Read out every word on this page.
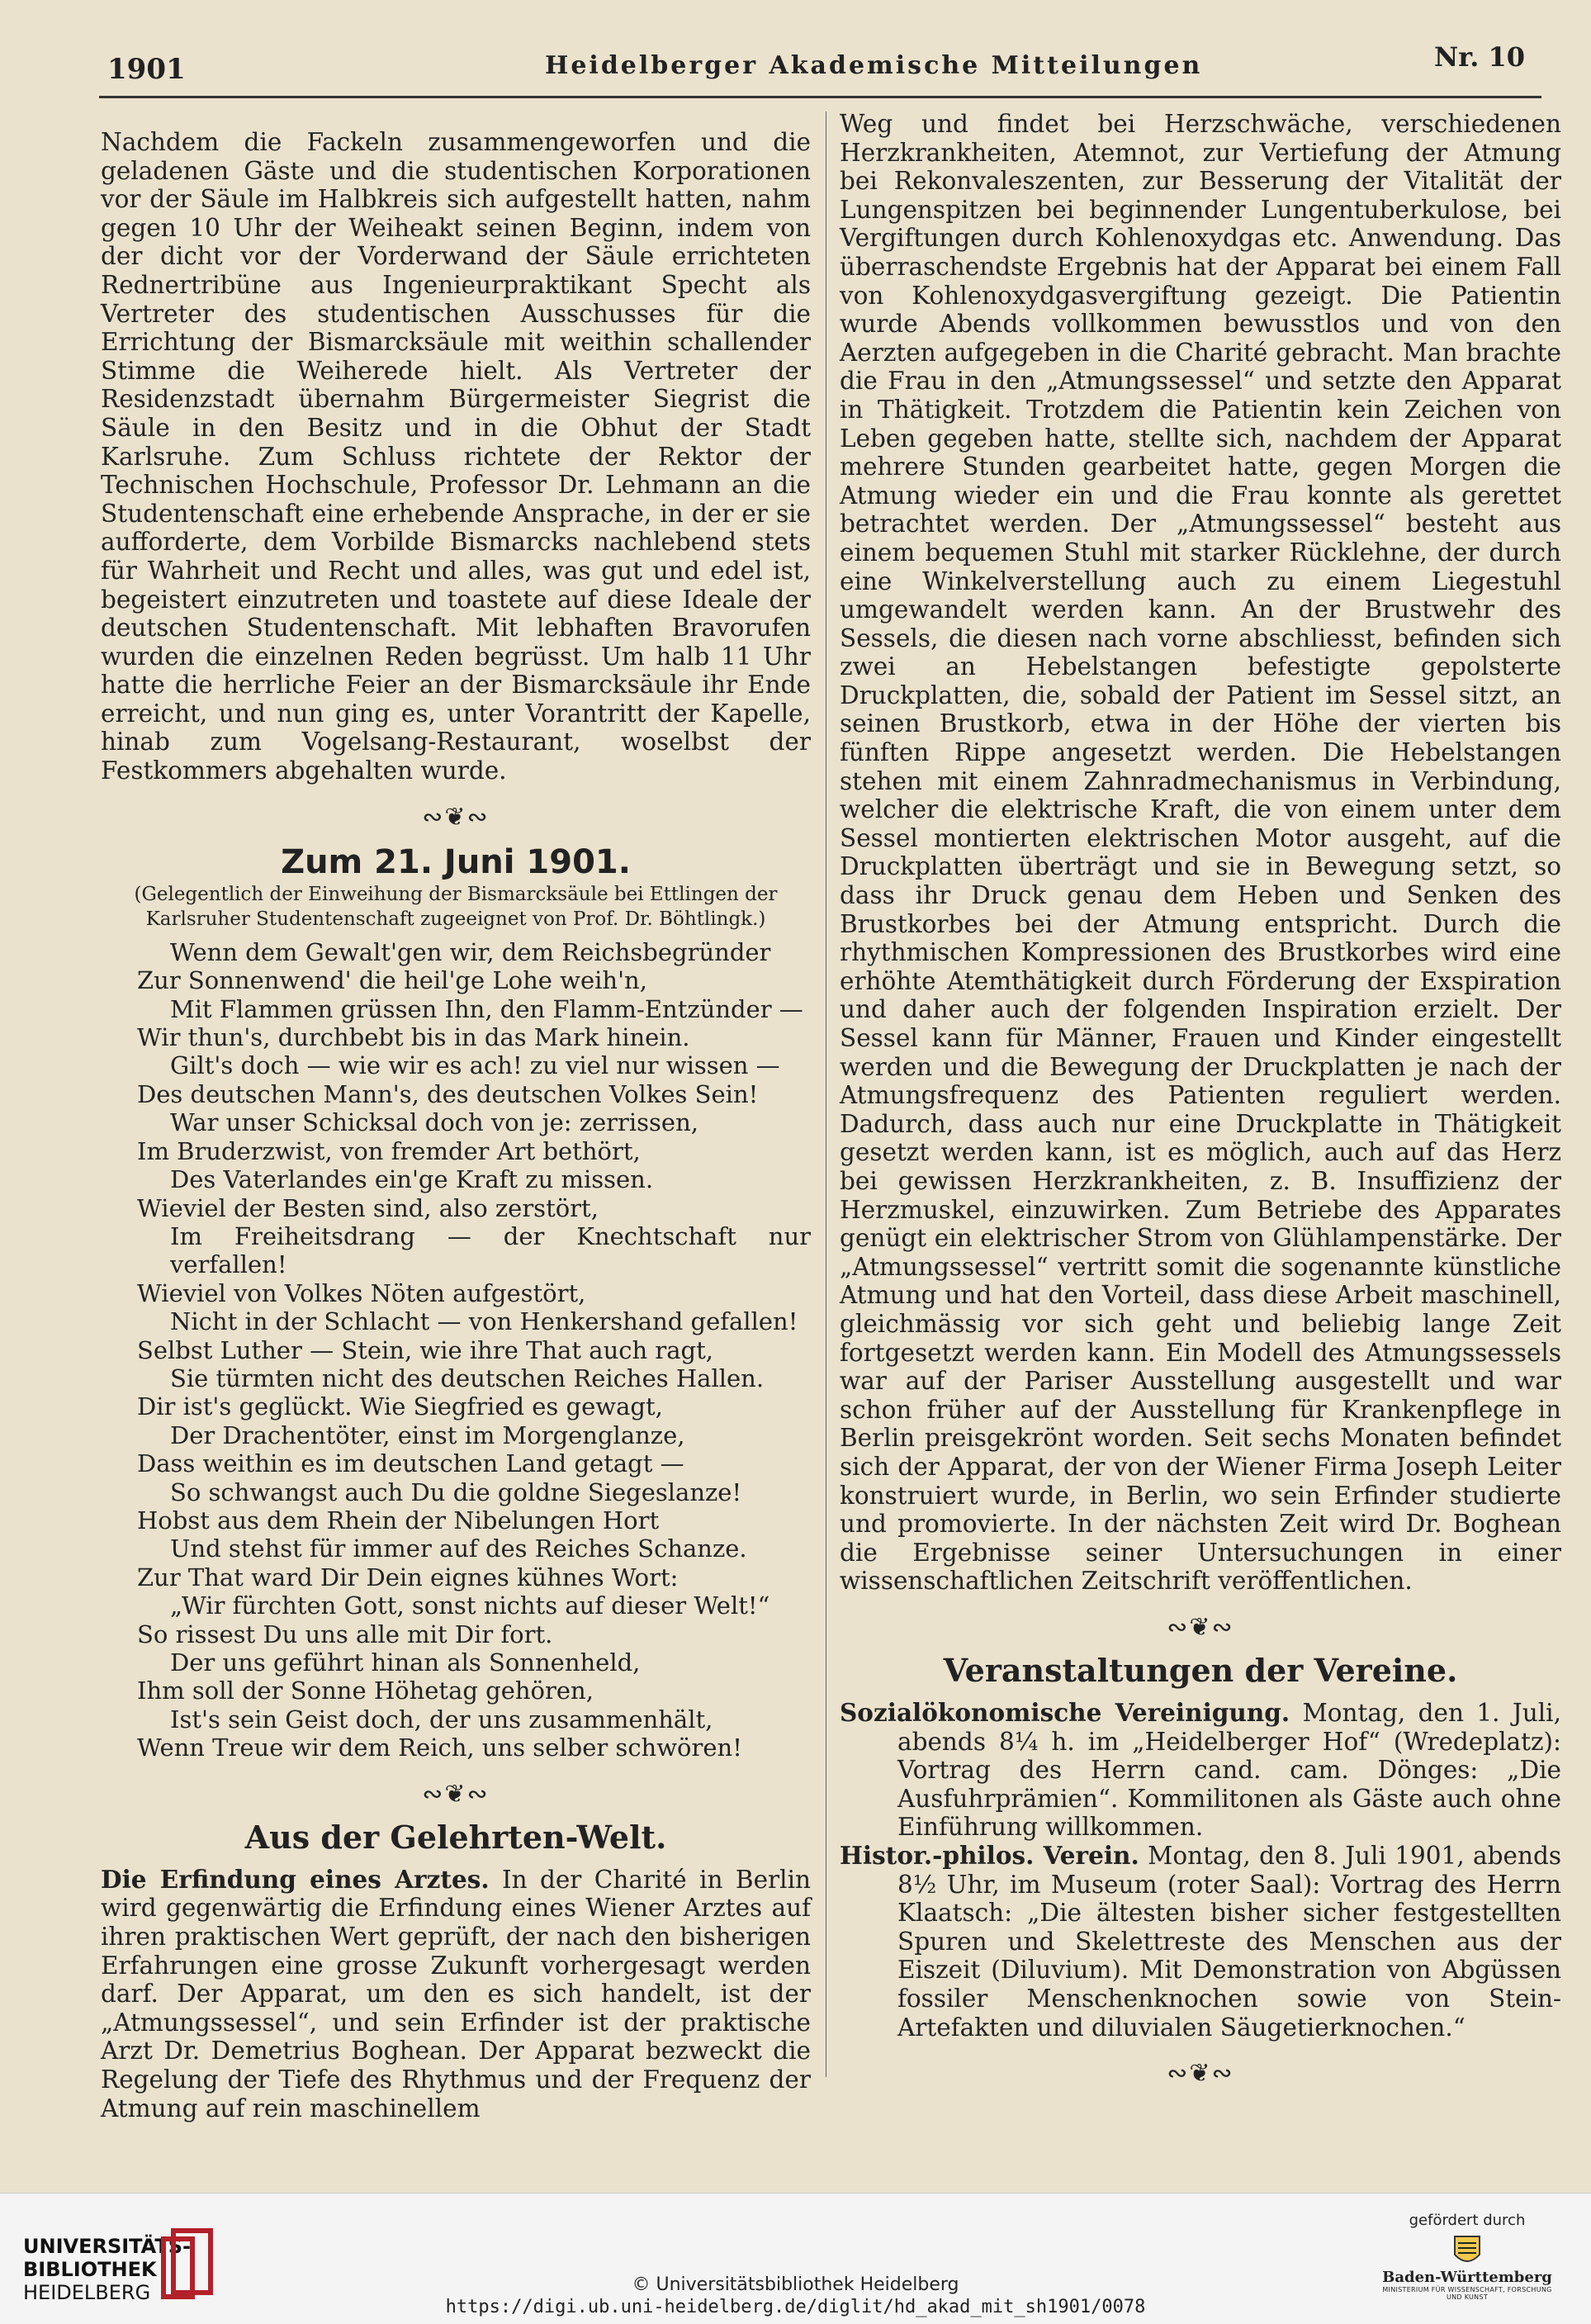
1901	Heidelberger Akademische Mitteilungen	Nr. 10

Nachdem die Fackeln zusammengeworfen und die geladenen Gäste und die studentischen Korporationen vor der Säule im Halbkreis sich aufgestellt hatten, nahm gegen 10 Uhr der Weiheakt seinen Beginn, indem von der dicht vor der Vorderwand der Säule errichteten Rednertribüne aus Ingenieurpraktikant Specht als Vertreter des studentischen Ausschusses für die Errichtung der Bismarcksäule mit weithin schallender Stimme die Weiherede hielt. Als Vertreter der Residenzstadt übernahm Bürgermeister Siegrist die Säule in den Besitz und in die Obhut der Stadt Karlsruhe. Zum Schluss richtete der Rektor der Technischen Hochschule, Professor Dr. Lehmann an die Studentenschaft eine erhebende Ansprache, in der er sie aufforderte, dem Vorbilde Bismarcks nachlebend stets für Wahrheit und Recht und alles, was gut und edel ist, begeistert einzutreten und toastete auf diese Ideale der deutschen Studentenschaft. Mit lebhaften Bravorufen wurden die einzelnen Reden begrüsst. Um halb 11 Uhr hatte die herrliche Feier an der Bismarcksäule ihr Ende erreicht, und nun ging es, unter Vorantritt der Kapelle, hinab zum Vogelsang-Restaurant, woselbst der Festkommers abgehalten wurde.

∾❦∾
Zum 21. Juni 1901.
(Gelegentlich der Einweihung der Bismarcksäule bei Ettlingen der Karlsruher Studentenschaft zugeeignet von Prof. Dr. Böhtlingk.)
Wenn dem Gewalt'gen wir, dem Reichsbegründer
Zur Sonnenwend' die heil'ge Lohe weih'n,
Mit Flammen grüssen Ihn, den Flamm-Entzünder —
Wir thun's, durchbebt bis in das Mark hinein.
Gilt's doch — wie wir es ach! zu viel nur wissen —
Des deutschen Mann's, des deutschen Volkes Sein!
War unser Schicksal doch von je: zerrissen,
Im Bruderzwist, von fremder Art bethört,
Des Vaterlandes ein'ge Kraft zu missen.
Wieviel der Besten sind, also zerstört,
Im Freiheitsdrang — der Knechtschaft nur verfallen!
Wieviel von Volkes Nöten aufgestört,
Nicht in der Schlacht — von Henkershand gefallen!
Selbst Luther — Stein, wie ihre That auch ragt,
Sie türmten nicht des deutschen Reiches Hallen.
Dir ist's geglückt. Wie Siegfried es gewagt,
Der Drachentöter, einst im Morgenglanze,
Dass weithin es im deutschen Land getagt —
So schwangst auch Du die goldne Siegeslanze!
Hobst aus dem Rhein der Nibelungen Hort
Und stehst für immer auf des Reiches Schanze.
Zur That ward Dir Dein eignes kühnes Wort:
„Wir fürchten Gott, sonst nichts auf dieser Welt!“
So rissest Du uns alle mit Dir fort.
Der uns geführt hinan als Sonnenheld,
Ihm soll der Sonne Höhetag gehören,
Ist's sein Geist doch, der uns zusammenhält,
Wenn Treue wir dem Reich, uns selber schwören!
∾❦∾
Aus der Gelehrten-Welt.

Die Erfindung eines Arztes. In der Charité in Berlin wird gegenwärtig die Erfindung eines Wiener Arztes auf ihren praktischen Wert geprüft, der nach den bisherigen Erfahrungen eine grosse Zukunft vorhergesagt werden darf. Der Apparat, um den es sich handelt, ist der „Atmungssessel“, und sein Erfinder ist der praktische Arzt Dr. Demetrius Boghean. Der Apparat bezweckt die Regelung der Tiefe des Rhythmus und der Frequenz der Atmung auf rein maschinellem

Weg und findet bei Herzschwäche, verschiedenen Herzkrankheiten, Atemnot, zur Vertiefung der Atmung bei Rekonvaleszenten, zur Besserung der Vitalität der Lungenspitzen bei beginnender Lungentuberkulose, bei Vergiftungen durch Kohlenoxydgas etc. Anwendung. Das überraschendste Ergebnis hat der Apparat bei einem Fall von Kohlenoxydgasvergiftung gezeigt. Die Patientin wurde Abends vollkommen bewusstlos und von den Aerzten aufgegeben in die Charité gebracht. Man brachte die Frau in den „Atmungssessel“ und setzte den Apparat in Thätigkeit. Trotzdem die Patientin kein Zeichen von Leben gegeben hatte, stellte sich, nachdem der Apparat mehrere Stunden gearbeitet hatte, gegen Morgen die Atmung wieder ein und die Frau konnte als gerettet betrachtet werden. Der „Atmungssessel“ besteht aus einem bequemen Stuhl mit starker Rücklehne, der durch eine Winkelverstellung auch zu einem Liegestuhl umgewandelt werden kann. An der Brustwehr des Sessels, die diesen nach vorne abschliesst, befinden sich zwei an Hebelstangen befestigte gepolsterte Druckplatten, die, sobald der Patient im Sessel sitzt, an seinen Brustkorb, etwa in der Höhe der vierten bis fünften Rippe angesetzt werden. Die Hebelstangen stehen mit einem Zahnradmechanismus in Verbindung, welcher die elektrische Kraft, die von einem unter dem Sessel montierten elektrischen Motor ausgeht, auf die Druckplatten überträgt und sie in Bewegung setzt, so dass ihr Druck genau dem Heben und Senken des Brustkorbes bei der Atmung entspricht. Durch die rhythmischen Kompressionen des Brustkorbes wird eine erhöhte Atemthätigkeit durch Förderung der Exspiration und daher auch der folgenden Inspiration erzielt. Der Sessel kann für Männer, Frauen und Kinder eingestellt werden und die Bewegung der Druckplatten je nach der Atmungsfrequenz des Patienten reguliert werden. Dadurch, dass auch nur eine Druckplatte in Thätigkeit gesetzt werden kann, ist es möglich, auch auf das Herz bei gewissen Herzkrankheiten, z. B. Insuffizienz der Herzmuskel, einzuwirken. Zum Betriebe des Apparates genügt ein elektrischer Strom von Glühlampenstärke. Der „Atmungssessel“ vertritt somit die sogenannte künstliche Atmung und hat den Vorteil, dass diese Arbeit maschinell, gleichmässig vor sich geht und beliebig lange Zeit fortgesetzt werden kann. Ein Modell des Atmungssessels war auf der Pariser Ausstellung ausgestellt und war schon früher auf der Ausstellung für Krankenpflege in Berlin preisgekrönt worden. Seit sechs Monaten befindet sich der Apparat, der von der Wiener Firma Joseph Leiter konstruiert wurde, in Berlin, wo sein Erfinder studierte und promovierte. In der nächsten Zeit wird Dr. Boghean die Ergebnisse seiner Untersuchungen in einer wissenschaftlichen Zeitschrift veröffentlichen.

∾❦∾
Veranstaltungen der Vereine.

Sozialökonomische Vereinigung. Montag, den 1. Juli, abends 8¼ h. im „Heidelberger Hof“ (Wredeplatz): Vortrag des Herrn cand. cam. Dönges: „Die Ausfuhrprämien“. Kommilitonen als Gäste auch ohne Einführung willkommen.

Histor.-philos. Verein. Montag, den 8. Juli 1901, abends 8½ Uhr, im Museum (roter Saal): Vortrag des Herrn Klaatsch: „Die ältesten bisher sicher festgestellten Spuren und Skelettreste des Menschen aus der Eiszeit (Diluvium). Mit Demonstration von Abgüssen fossiler Menschenknochen sowie von Stein-Artefakten und diluvialen Säugetierknochen.“

∾❦∾
UNIVERSITÄTS-
BIBLIOTHEK
HEIDELBERG	© Universitätsbibliothek Heidelberg
https://digi.ub.uni-heidelberg.de/diglit/hd_akad_mit_sh1901/0078
gefördert durch
Baden-Württemberg
MINISTERIUM FÜR WISSENSCHAFT, FORSCHUNG UND KUNST
